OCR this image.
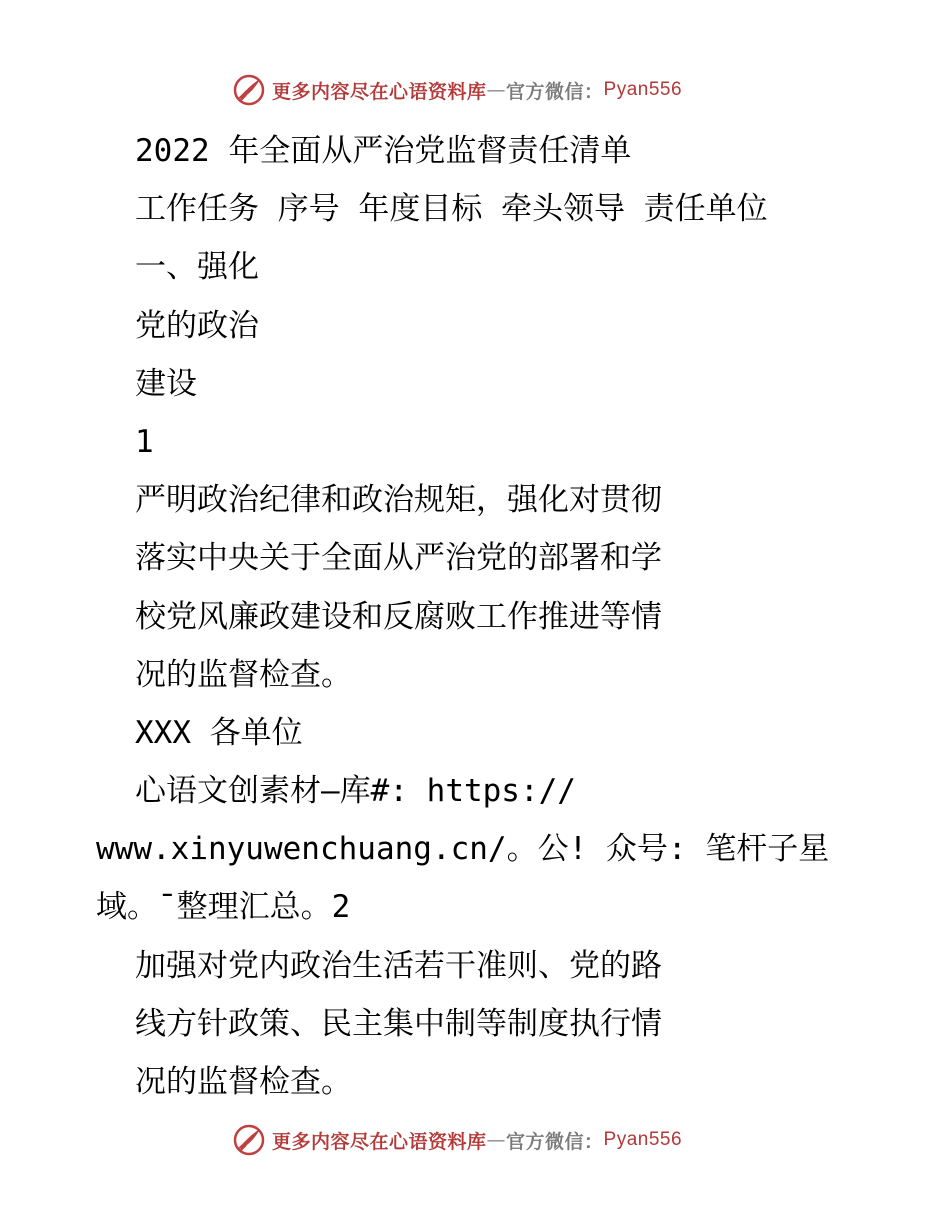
更多内容尽在心语资料库 — 官方微信： Pyan556
2022 年全面从严治党监督责任清单
工作任务 序号 年度目标 牵头领导 责任单位
一、强化
党的政治
建设
1
严明政治纪律和政治规矩，强化对贯彻
落实中央关于全面从严治党的部署和学
校党风廉政建设和反腐败工作推进等情
况的监督检查。
XXX 各单位
心语文创素材—库#: https://
www.xinyuwenchuang.cn/。公! 众号: 笔杆子星
域。¯整理汇总。2
加强对党内政治生活若干准则、党的路
线方针政策、民主集中制等制度执行情
况的监督检查。
更多内容尽在心语资料库 — 官方微信： Pyan556
